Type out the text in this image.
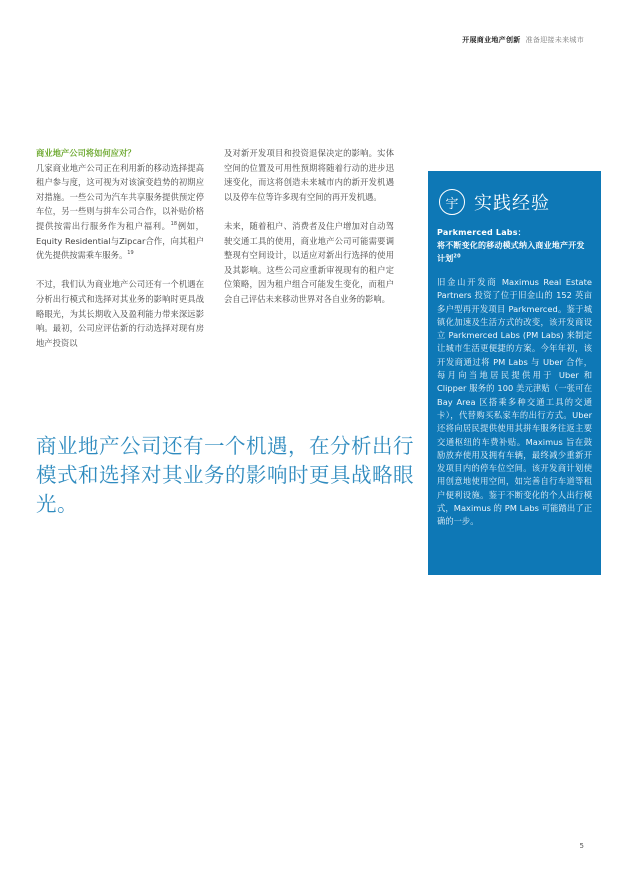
开展商业地产创新 准备迎接未来城市

商业地产公司将如何应对？

几家商业地产公司正在利用新的移动选择提高租户参与度，这可视为对该演变趋势的初期应对措施。一些公司为汽车共享服务提供预定停车位，另一些则与拼车公司合作，以补贴价格提供按需出行服务作为租户福利。$^{18}$例如，Equity Residential与Zipcar合作，向其租户优先提供按需乘车服务。$^{19}$

不过，我们认为商业地产公司还有一个机遇在分析出行模式和选择对其业务的影响时更具战略眼光，为其长期收入及盈利能力带来深远影响。最初，公司应评估新的行动选择对现有房地产投资以

及对新开发项目和投资退保决定的影响。实体空间的位置及可用性预期将随着行动的进步迅速变化，而这将创造未来城市内的新开发机遇以及停车位等许多现有空间的再开发机遇。

未来，随着租户、消费者及住户增加对自动驾驶交通工具的使用，商业地产公司可能需要调整现有空间设计，以适应对新出行选择的使用及其影响。这些公司应重新审视现有的租户定位策略，因为租户组合可能发生变化，而租户会自己评估未来移动世界对各自业务的影响。

商业地产公司还有一个机遇，在分析出行模式和选择对其业务的影响时更具战略眼光。
宇 实践经验
Parkmerced Labs：
将不断变化的移动模式纳入商业地产开发计划$^{20}$
旧金山开发商 Maximus Real Estate Partners 投资了位于旧金山的 152 英亩多户型再开发项目 Parkmerced。鉴于城镇化加速及生活方式的改变，该开发商设立 Parkmerced Labs (PM Labs) 来制定让城市生活更便捷的方案。今年年初，该开发商通过将 PM Labs 与 Uber 合作，每月向当地居民提供用于 Uber 和 Clipper 服务的 100 美元津贴（一张可在 Bay Area 区搭乘多种交通工具的交通卡），代替购买私家车的出行方式。Uber 还将向居民提供使用其拼车服务往返主要交通枢纽的车费补贴。Maximus 旨在鼓励放弃使用及拥有车辆，最终减少重新开发项目内的停车位空间。该开发商计划使用创意地使用空间，如完善自行车道等租户便利设施。鉴于不断变化的个人出行模式，Maximus 的 PM Labs 可能踏出了正确的一步。
5
